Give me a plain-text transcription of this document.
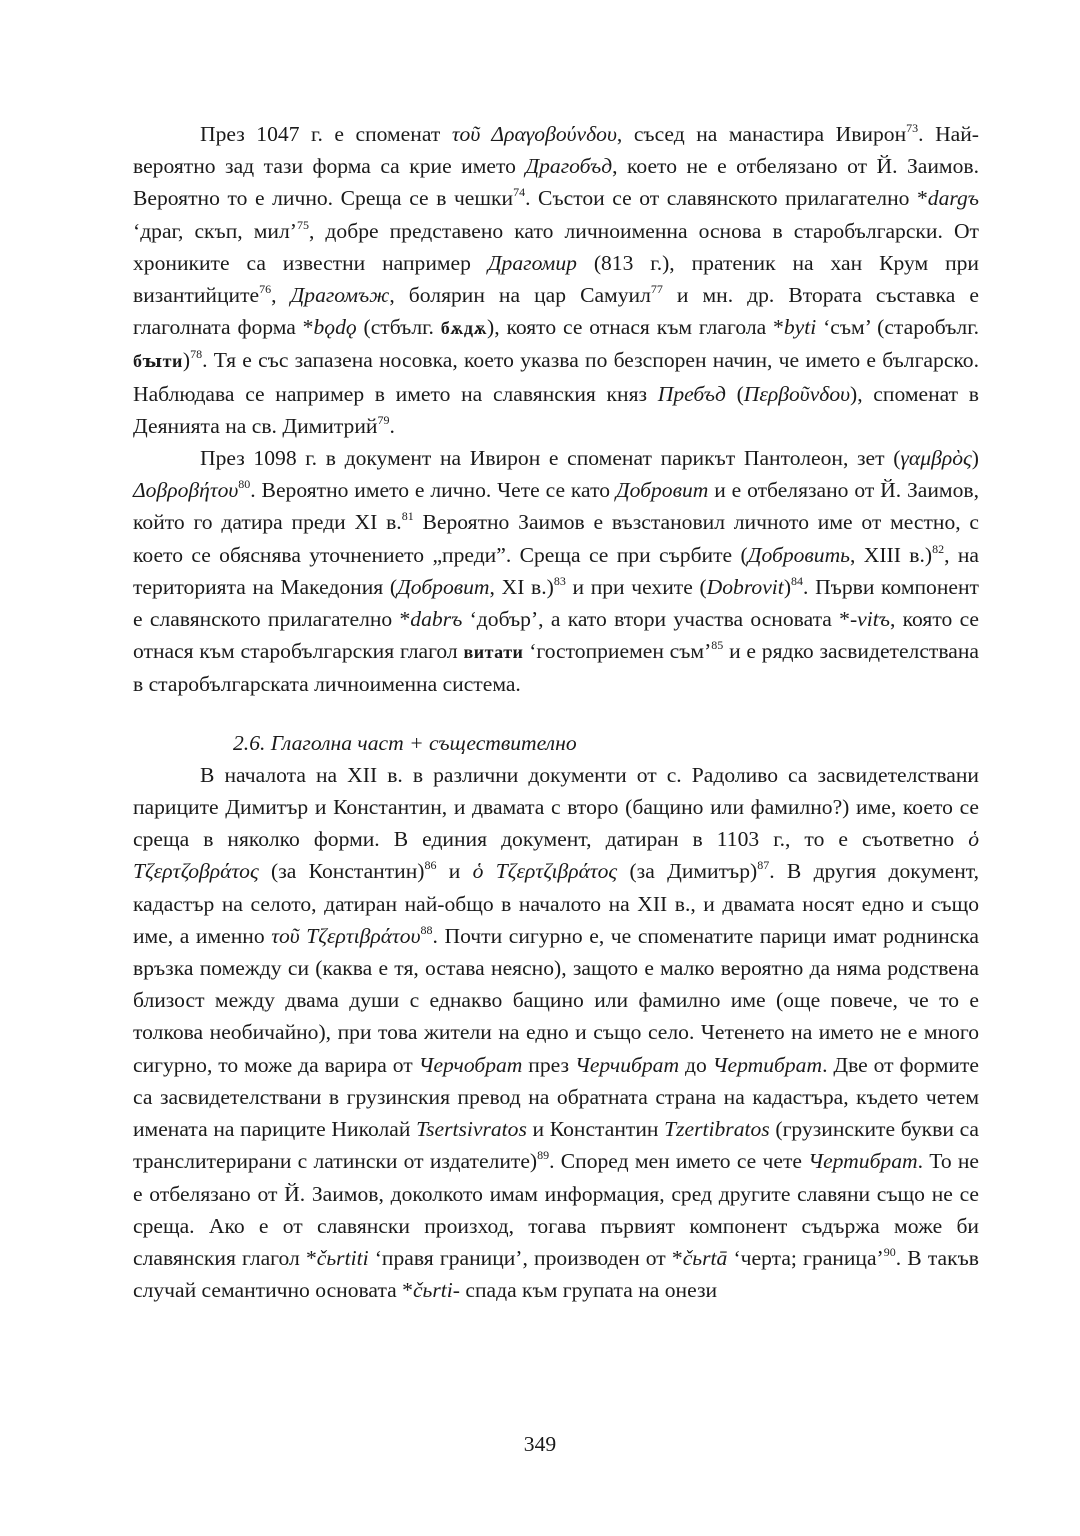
Пpез 1047 г. е споменат τοῦ Δραγοβούνδου, съсед на манастира Ивирон$^{73}$. Най-вероятно зад тази форма са крие името Драгобъд, което не е отбелязано от Й. Заимов. Вероятно то е лично. Среща се в чешки$^{74}$. Състои се от славянското прилагателно *dargъ ‘драг, скъп, мил’$^{75}$, добре представено като личноименна основа в старобългарски. От хрониките са известни например Драгомир (813 г.), пратеник на хан Крум при византийците$^{76}$, Драгомъж, болярин на цар Самуил$^{77}$ и мн. др. Втората съставка е глаголната форма *bǫdǫ (стбълг. бѫдѫ), която се отнася към глагола *byti ‘съм’ (старобълг. бꙑти)$^{78}$. Тя е със запазена носовка, което указва по безспорен начин, че името е българско. Наблюдава се например в името на славянския княз Пребъд (Περβοῦνδου), споменат в Деянията на св. Димитрий$^{79}$.

През 1098 г. в документ на Ивирон е споменат парикът Пантолеон, зет (γαμβρὸς) Δοβροβήτου$^{80}$. Вероятно името е лично. Чете се като Добровит и е отбелязано от Й. Заимов, който го датира преди XI в.$^{81}$ Вероятно Заимов е възстановил личното име от местно, с което се обяснява уточнението „преди”. Среща се при сърбите (Добровить, XIII в.)$^{82}$, на територията на Македония (Добровит, XI в.)$^{83}$ и при чехите (Dobrovit)$^{84}$. Първи компонент е славянското прилагателно *dabrъ ‘добър’, а като втори участва основата *-vitъ, която се отнася към старобългарския глагол витати ‘гостоприемен съм’$^{85}$ и е рядко засвидетелствана в старобългарската личноименна система.

2.6. Глаголна част + съществително

В началота на XII в. в различни документи от с. Радоливо са засвидетелствани париците Димитър и Константин, и двамата с второ (бащино или фамилно?) име, което се среща в няколко форми. В единия документ, датиран в 1103 г., то е съответно ὁ Τζερτζοβράτος (за Константин)$^{86}$ и ὁ Τζερτζιβράτος (за Димитър)$^{87}$. В другия документ, кадастър на селото, датиран най-общо в началото на XII в., и двамата носят едно и също име, а именно τοῦ Τζερτιβράτου$^{88}$. Почти сигурно е, че споменатите парици имат роднинска връзка помежду си (каква е тя, остава неясно), защото е малко вероятно да няма родствена близост между двама души с еднакво бащино или фамилно име (още повече, че то е толкова необичайно), при това жители на едно и също село. Четенето на името не е много сигурно, то може да варира от Черчобрат през Черчибрат до Чертибрат. Две от формите са засвидетелствани в грузинския превод на обратната страна на кадастъра, където четем имената на париците Николай Tsertsivratos и Константин Tzertibratos (грузинските букви са транслитерирани с латински от издателите)$^{89}$. Според мен името се чете Чертибрат. То не е отбелязано от Й. Заимов, доколкото имам информация, сред другите славяни също не се среща. Ако е от славянски произход, тогава първият компонент съдържа може би славянския глагол *čьrtiti ‘правя граници’, производен от *čьrtā ‘черта; граница’$^{90}$. В такъв случай семантично основата *čьrti- спада към групата на онези

349
